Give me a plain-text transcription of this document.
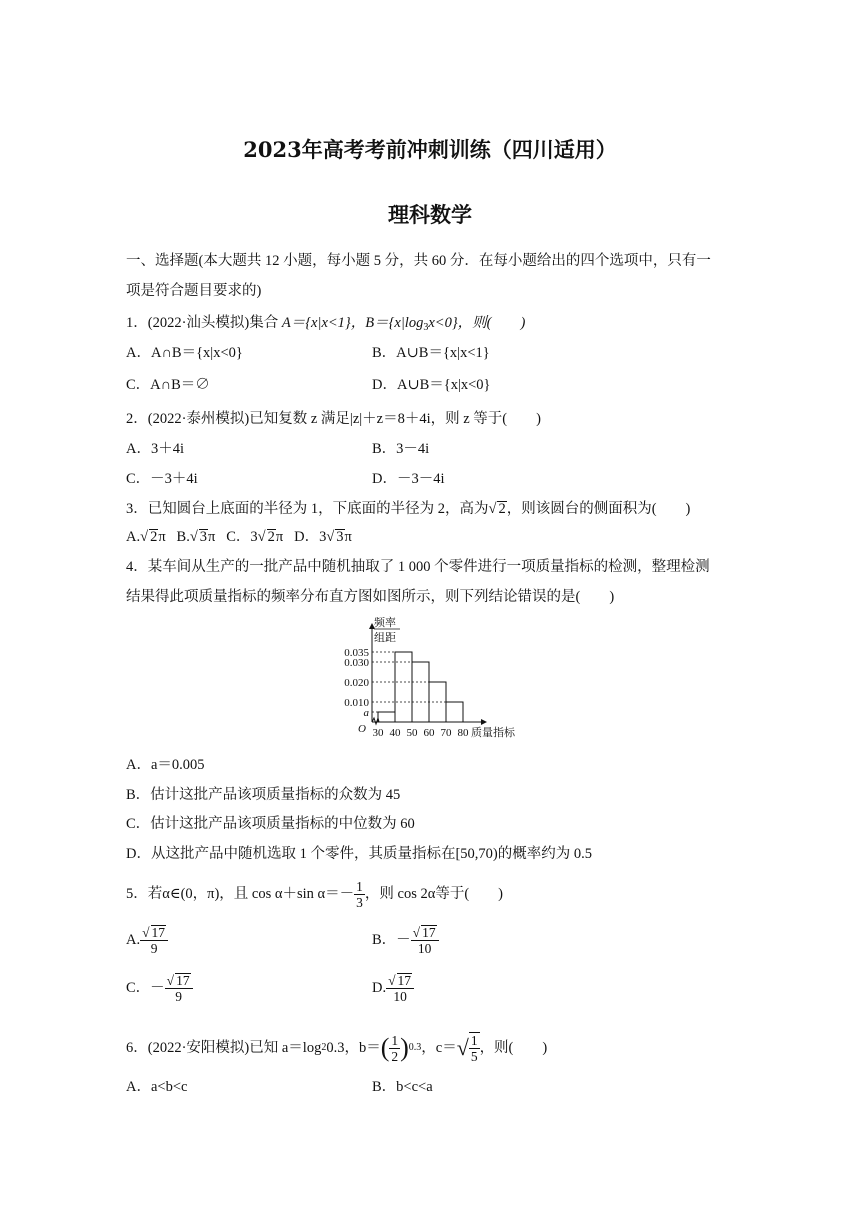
2023年高考考前冲刺训练（四川适用）
理科数学
一、选择题(本大题共 12 小题，每小题 5 分，共 60 分．在每小题给出的四个选项中，只有一
项是符合题目要求的)
1．(2022·汕头模拟)集合 A＝{x|x<1}，$B=\{x|\log_3x<0\}$，则(　　)
A．A∩B＝{x|x<0}	B．A∪B＝{x|x<1}
C．A∩B＝∅	D．A∪B＝{x|x<0}
2．(2022·泰州模拟)已知复数 z 满足|z|＋z＝8＋4i，则 z 等于(　　)
A．3＋4i	B．3－4i
C．－3＋4i	D．－3－4i
3．已知圆台上底面的半径为 1，下底面的半径为 2，高为√ 2，则该圆台的侧面积为(　　)
A.√ 2π B.√ 3π C．3√ 2π D．3√ 3π
4．某车间从生产的一批产品中随机抽取了 1 000 个零件进行一项质量指标的检测，整理检测
结果得此项质量指标的频率分布直方图如图所示，则下列结论错误的是(　　)
a
0.010
0.020
0.030
0.035
30 40 50 60 70 80 质量指标
O
频率
组距
A．a＝0.005
B．估计这批产品该项质量指标的众数为 45
C．估计这批产品该项质量指标的中位数为 60
D．从这批产品中随机选取 1 个零件，其质量指标在[50,70)的概率约为 0.5
5．若α∈(0，π)，且 cos α＋sin $\alpha=- \frac{1}{3}$ ，则 cos 2α等于(　　)
A. $\frac{√ 17}{9}$	B．－ $\frac{√ 17}{10}$
C．－ $\frac{√ 17}{9}$	D. $\frac{√ 17}{10}$
6．(2022·安阳模拟)已知 a＝log 2 0.3，b＝ ( $\frac{1}{2}$ ) 0.3 ，c＝ √ $\frac{1}{5}$ ，则(　　)
A．a<b<c	B．b<c<a
